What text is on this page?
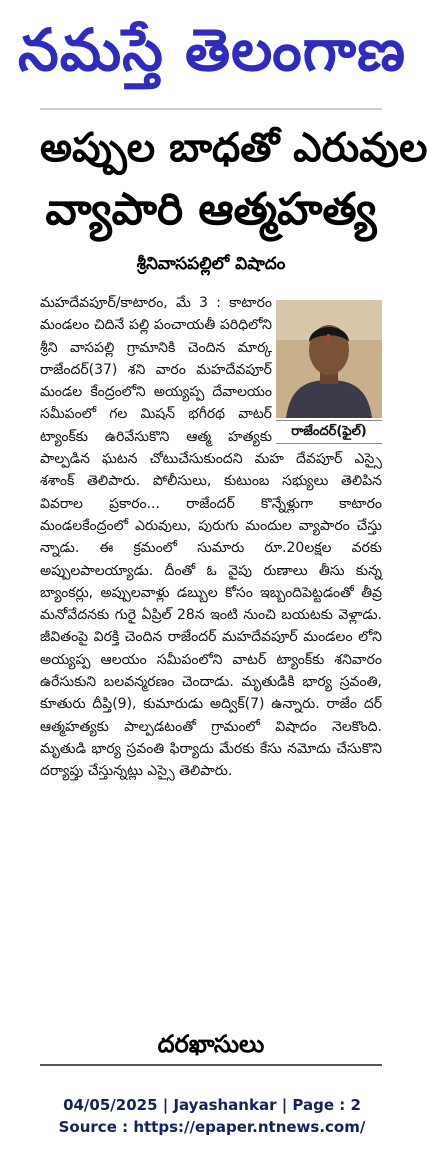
నమస్తే తెలంగాణ
అప్పుల బాధతో ఎరువుల
వ్యాపారి ఆత్మహత్య
శ్రీనివాసపల్లిలో విషాదం
రాజేందర్(ఫైల్)

మహదేవపూర్/కాటారం, మే 3 : కాటారం మండలం చిదినే పల్లి పంచాయతీ పరిధిలోని శ్రీని వాసపల్లి గ్రామానికి చెందిన మార్క రాజేందర్(37) శని వారం మహదేవపూర్ మండల కేంద్రంలోని అయ్యప్ప దేవాలయం సమీపంలో గల మిషన్ భగీరథ వాటర్ ట్యాంక్‌కు ఉరివేసుకొని ఆత్మ హత్యకు పాల్పడిన ఘటన చోటుచేసుకుందని మహ దేవపూర్ ఎస్సై శశాంక్ తెలిపారు. పోలీసులు, కుటుంబ సభ్యులు తెలిపిన వివరాల ప్రకారం... రాజేందర్ కొన్నేళ్లుగా కాటారం మండలకేంద్రంలో ఎరువులు, పురుగు మందుల వ్యాపారం చేస్తు న్నాడు. ఈ క్రమంలో సుమారు రూ.20లక్షల వరకు అప్పులపాలయ్యాడు. దీంతో ఓ వైపు రుణాలు తీసు కున్న బ్యాంకర్లు, అప్పులవాళ్లు డబ్బుల కోసం ఇబ్బందిపెట్టడంతో తీవ్ర మనోవేదనకు గురై ఏప్రిల్ 28న ఇంటి నుంచి బయటకు వెళ్లాడు. జీవితంపై విరక్తి చెందిన రాజేందర్ మహదేవపూర్ మండలం లోని అయ్యప్ప ఆలయం సమీపంలోని వాటర్ ట్యాంక్‌కు శనివారం ఉరేసుకుని బలవన్మరణం చెందాడు. మృతుడికి భార్య స్రవంతి, కూతురు దీప్తి(9), కుమారుడు అద్విక్(7) ఉన్నారు. రాజేం దర్ ఆత్మహత్యకు పాల్పడటంతో గ్రామంలో విషాదం నెలకొంది. మృతుడి భార్య స్రవంతి ఫిర్యాదు మేరకు కేసు నమోదు చేసుకొని దర్యాప్తు చేస్తున్నట్లు ఎస్సై తెలిపారు.

దరఖాసులు
04/05/2025 | Jayashankar | Page : 2
Source : https://epaper.ntnews.com/
